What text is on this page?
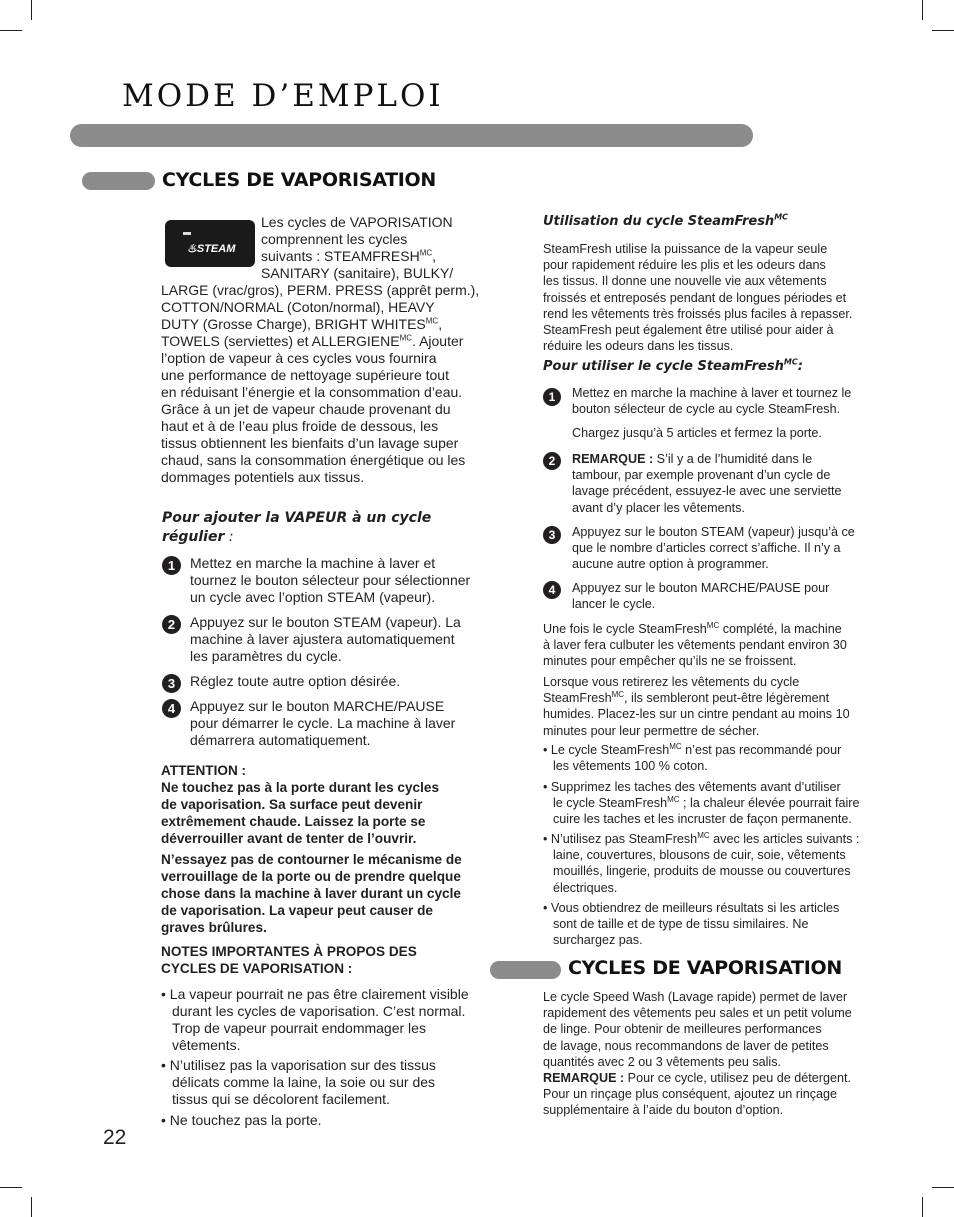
MODE D’EMPLOI
CYCLES DE VAPORISATION
♨STEAM
Les cycles de VAPORISATION
comprennent les cycles
suivants : $STEAMFRESH^{MC}$,
SANITARY (sanitaire), BULKY/
LARGE (vrac/gros), PERM. PRESS (apprêt perm.),
COTTON/NORMAL (Coton/normal), HEAVY
DUTY (Grosse Charge), BRIGHT $WHITES^{MC}$,
TOWELS (serviettes) et $ALLERGIENE^{MC}$. Ajouter
l’option de vapeur à ces cycles vous fournira
une performance de nettoyage supérieure tout
en réduisant l’énergie et la consommation d’eau.
Grâce à un jet de vapeur chaude provenant du
haut et à de l’eau plus froide de dessous, les
tissus obtiennent les bienfaits d’un lavage super
chaud, sans la consommation énergétique ou les
dommages potentiels aux tissus.
Pour ajouter la VAPEUR à un cycle
régulier :
1	Mettez en marche la machine à laver et
tournez le bouton sélecteur pour sélectionner
un cycle avec l’option STEAM (vapeur).
2	Appuyez sur le bouton STEAM (vapeur). La
machine à laver ajustera automatiquement
les paramètres du cycle.
3	Réglez toute autre option désirée.
4	Appuyez sur le bouton MARCHE/PAUSE
pour démarrer le cycle. La machine à laver
démarrera automatiquement.
ATTENTION :
Ne touchez pas à la porte durant les cycles
de vaporisation. Sa surface peut devenir
extrêmement chaude. Laissez la porte se
déverrouiller avant de tenter de l’ouvrir.
N’essayez pas de contourner le mécanisme de
verrouillage de la porte ou de prendre quelque
chose dans la machine à laver durant un cycle
de vaporisation. La vapeur peut causer de
graves brûlures.
NOTES IMPORTANTES À PROPOS DES
CYCLES DE VAPORISATION :
• La vapeur pourrait ne pas être clairement visible
durant les cycles de vaporisation. C’est normal.
Trop de vapeur pourrait endommager les
vêtements.
• N’utilisez pas la vaporisation sur des tissus
délicats comme la laine, la soie ou sur des
tissus qui se décolorent facilement.
• Ne touchez pas la porte.
22
Utilisation du cycle SteamFresh$^{MC}$
SteamFresh utilise la puissance de la vapeur seule
pour rapidement réduire les plis et les odeurs dans
les tissus. Il donne une nouvelle vie aux vêtements
froissés et entreposés pendant de longues périodes et
rend les vêtements très froissés plus faciles à repasser.
SteamFresh peut également être utilisé pour aider à
réduire les odeurs dans les tissus.
Pour utiliser le cycle SteamFresh$^{MC}$:
1	Mettez en marche la machine à laver et tournez le
bouton sélecteur de cycle au cycle SteamFresh.
Chargez jusqu’à 5 articles et fermez la porte.
2	REMARQUE : S’il y a de l’humidité dans le
tambour, par exemple provenant d’un cycle de
lavage précédent, essuyez-le avec une serviette
avant d’y placer les vêtements.
3	Appuyez sur le bouton STEAM (vapeur) jusqu’à ce
que le nombre d’articles correct s’affiche. Il n’y a
aucune autre option à programmer.
4	Appuyez sur le bouton MARCHE/PAUSE pour
lancer le cycle.
Une fois le cycle SteamFresh$^{MC}$ complété, la machine
à laver fera culbuter les vêtements pendant environ 30
minutes pour empêcher qu’ils ne se froissent.
Lorsque vous retirerez les vêtements du cycle
SteamFresh$^{MC}$, ils sembleront peut-être légèrement
humides. Placez-les sur un cintre pendant au moins 10
minutes pour leur permettre de sécher.
• Le cycle SteamFresh$^{MC}$ n’est pas recommandé pour
les vêtements 100 % coton.
• Supprimez les taches des vêtements avant d’utiliser
le cycle SteamFresh$^{MC}$ ; la chaleur élevée pourrait faire
cuire les taches et les incruster de façon permanente.
• N’utilisez pas SteamFresh$^{MC}$ avec les articles suivants :
laine, couvertures, blousons de cuir, soie, vêtements
mouillés, lingerie, produits de mousse ou couvertures
électriques.
• Vous obtiendrez de meilleurs résultats si les articles
sont de taille et de type de tissu similaires. Ne
surchargez pas.
CYCLES DE VAPORISATION
Le cycle Speed Wash (Lavage rapide) permet de laver
rapidement des vêtements peu sales et un petit volume
de linge. Pour obtenir de meilleures performances
de lavage, nous recommandons de laver de petites
quantités avec 2 ou 3 vêtements peu salis.
REMARQUE : Pour ce cycle, utilisez peu de détergent.
Pour un rinçage plus conséquent, ajoutez un rinçage
supplémentaire à l’aide du bouton d’option.
